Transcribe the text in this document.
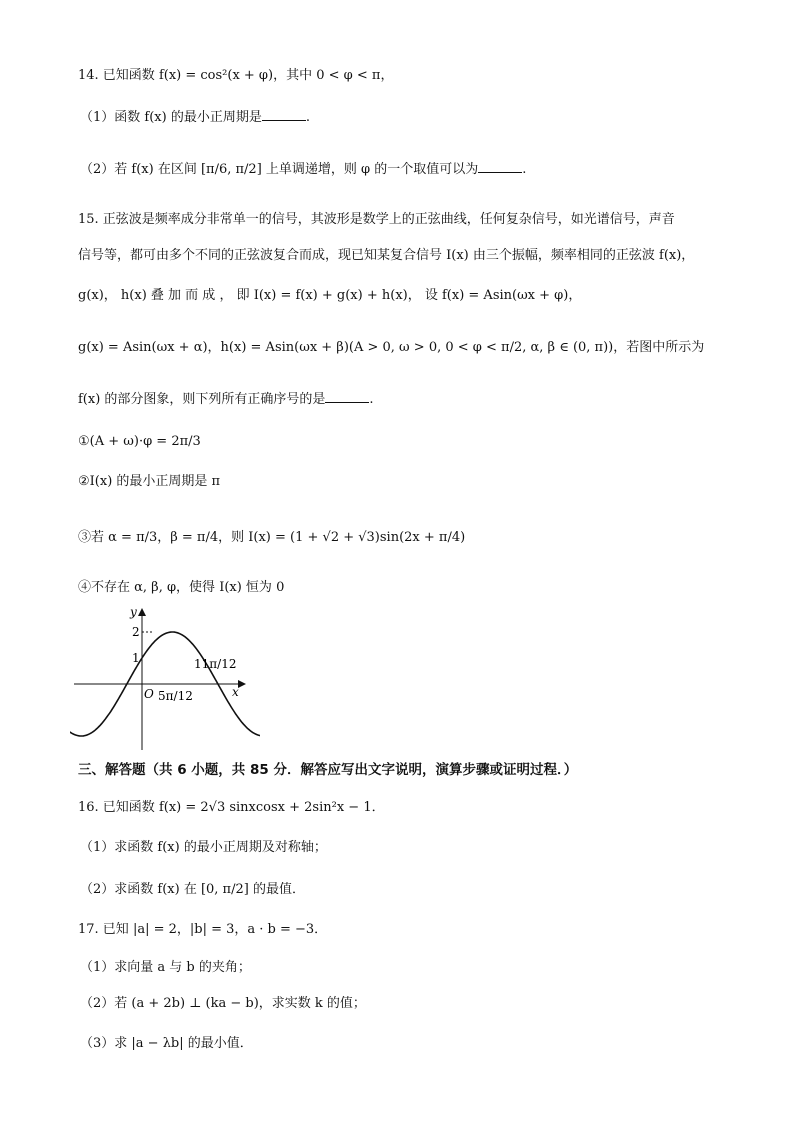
14. 已知函数 f(x) = cos²(x + φ)，其中 0 < φ < π，
（1）函数 f(x) 的最小正周期是	.
（2）若 f(x) 在区间 [π/6, π/2] 上单调递增，则 φ 的一个取值可以为	.
15. 正弦波是频率成分非常单一的信号，其波形是数学上的正弦曲线，任何复杂信号，如光谱信号，声音
信号等，都可由多个不同的正弦波复合而成，现已知某复合信号 I(x) 由三个振幅，频率相同的正弦波 f(x)，
g(x)， h(x) 叠 加 而 成 ， 即 I(x) = f(x) + g(x) + h(x)， 设 f(x) = Asin(ωx + φ)，
g(x) = Asin(ωx + α)，h(x) = Asin(ωx + β)(A > 0, ω > 0, 0 < φ < π/2, α, β ∈ (0, π))，若图中所示为
f(x) 的部分图象，则下列所有正确序号的是	.
①(A + ω)·φ = 2π/3
②I(x) 的最小正周期是 π
③若 α = π/3，β = π/4，则 I(x) = (1 + √2 + √3)sin(2x + π/4)
④不存在 α, β, φ，使得 I(x) 恒为 0
y
x
2
1
O 5π/12
11π/12
三、解答题（共 6 小题，共 85 分．解答应写出文字说明，演算步骤或证明过程．）
16. 已知函数 f(x) = 2√3 sinxcosx + 2sin²x − 1．
（1）求函数 f(x) 的最小正周期及对称轴；
（2）求函数 f(x) 在 [0, π/2] 的最值．
17. 已知 |a| = 2，|b| = 3，a · b = −3．
（1）求向量 a 与 b 的夹角；
（2）若 (a + 2b) ⊥ (ka − b)，求实数 k 的值；
（3）求 |a − λb| 的最小值．
